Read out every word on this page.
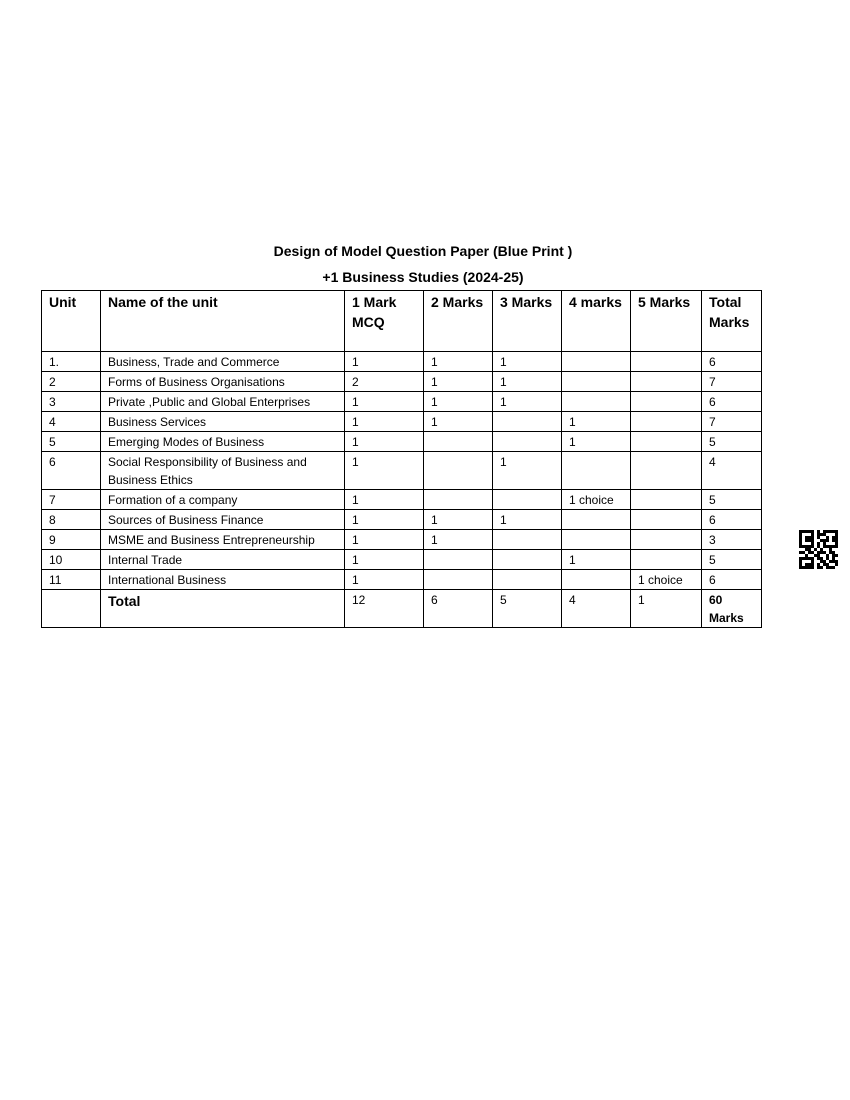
Design of Model Question Paper (Blue Print )
+1 Business Studies (2024-25)
Unit	Name of the unit	1 Mark MCQ	2 Marks	3 Marks	4 marks	5 Marks	Total Marks
1.	Business, Trade and Commerce	1	1	1			6
2	Forms of Business Organisations	2	1	1			7
3	Private ,Public and Global Enterprises	1	1	1			6
4	Business Services	1	1		1		7
5	Emerging Modes of Business	1			1		5
6	Social Responsibility of Business and Business Ethics	1		1			4
7	Formation of a company	1			1 choice		5
8	Sources of Business Finance	1	1	1			6
9	MSME and Business Entrepreneurship	1	1				3
10	Internal Trade	1			1		5
11	International Business	1				1 choice	6
	Total	12	6	5	4	1	60 Marks
